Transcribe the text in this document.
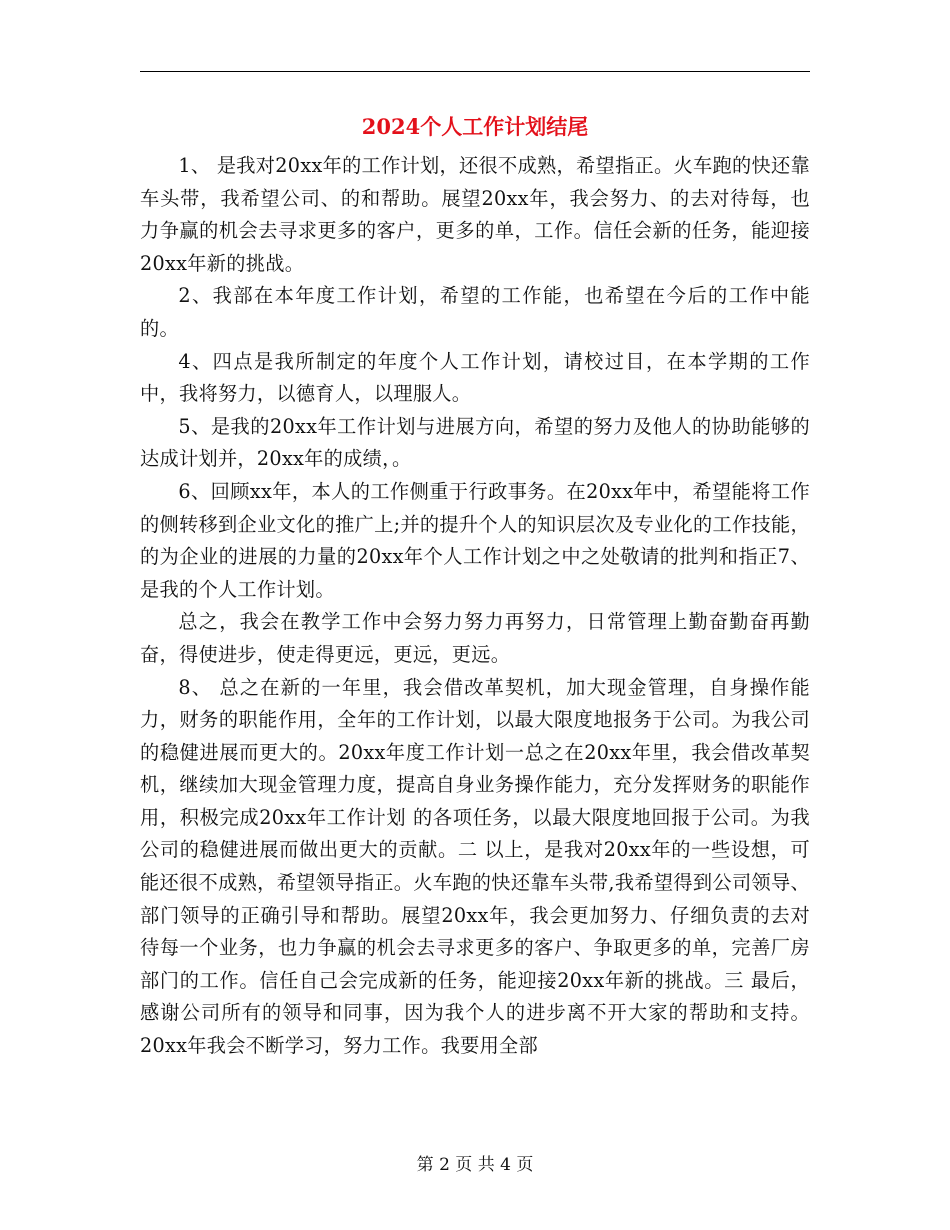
2024个人工作计划结尾

1、 是我对20xx年的工作计划，还很不成熟，希望指正。火车跑的快还靠车头带，我希望公司、的和帮助。展望20xx年，我会努力、的去对待每，也力争赢的机会去寻求更多的客户，更多的单，工作。信任会新的任务，能迎接20xx年新的挑战。

2、我部在本年度工作计划，希望的工作能，也希望在今后的工作中能的。

4、四点是我所制定的年度个人工作计划，请校过目，在本学期的工作中，我将努力，以德育人，以理服人。

5、是我的20xx年工作计划与进展方向，希望的努力及他人的协助能够的达成计划并，20xx年的成绩，。

6、回顾xx年，本人的工作侧重于行政事务。在20xx年中，希望能将工作的侧转移到企业文化的推广上;并的提升个人的知识层次及专业化的工作技能，的为企业的进展的力量的20xx年个人工作计划之中之处敬请的批判和指正7、 是我的个人工作计划。

总之，我会在教学工作中会努力努力再努力，日常管理上勤奋勤奋再勤奋，得使进步，使走得更远，更远，更远。

8、 总之在新的一年里，我会借改革契机，加大现金管理，自身操作能力，财务的职能作用，全年的工作计划，以最大限度地报务于公司。为我公司的稳健进展而更大的。20xx年度工作计划一总之在20xx年里，我会借改革契机，继续加大现金管理力度，提高自身业务操作能力，充分发挥财务的职能作用，积极完成20xx年工作计划 的各项任务，以最大限度地回报于公司。为我公司的稳健进展而做出更大的贡献。二 以上，是我对20xx年的一些设想，可能还很不成熟，希望领导指正。火车跑的快还靠车头带,我希望得到公司领导、部门领导的正确引导和帮助。展望20xx年，我会更加努力、仔细负责的去对待每一个业务，也力争赢的机会去寻求更多的客户、争取更多的单，完善厂房部门的工作。信任自己会完成新的任务，能迎接20xx年新的挑战。三 最后，感谢公司所有的领导和同事，因为我个人的进步离不开大家的帮助和支持。20xx年我会不断学习，努力工作。我要用全部

第 2 页 共 4 页
